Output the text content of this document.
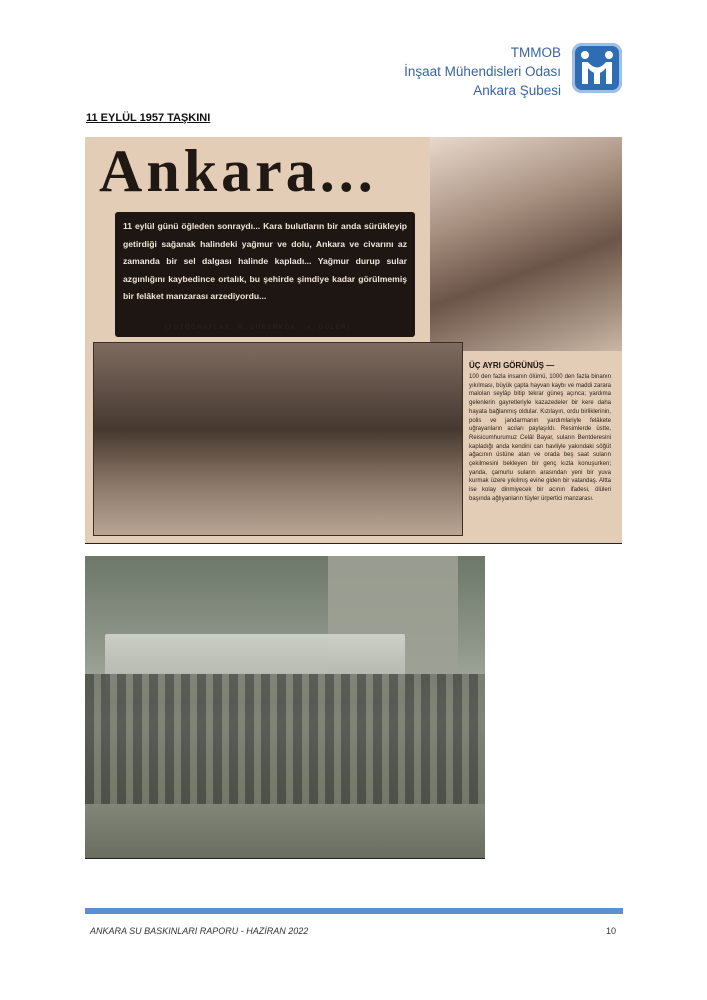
TMMOB
İnşaat Mühendisleri Odası
Ankara Şubesi
11 EYLÜL 1957 TAŞKINI
Ankara...
11 eylül günü öğleden sonraydı... Kara bulutların bir anda sürükleyip getirdiği sağanak halindeki yağmur ve dolu, Ankara ve civarını az zamanda bir sel dalgası halinde kapladı... Yağmur durup sular azgınlığını kaybedince ortalık, bu şehirde şimdiye kadar görülmemiş bir felâket manzarası arzediyordu...
(FOTOĞRAFLAR: M. SÜRENKÖK - A. GÜLER)
ÜÇ AYRI GÖRÜNÜŞ —
100 den fazla insanın ölümü, 1000 den fazla binanın yıkılması, büyük çapta hayvan kaybı ve maddi zarara malolan seylâp bitip tekrar güneş açınca; yardıma gelenlerin gayretleriyle kazazedeler bir kere daha hayata bağlanmış oldular. Kızılayın, ordu birliklerinin, polis ve jandarmanın yardımlariyle felâkete uğrayanların acıları paylaşıldı. Resimlerde üstte, Reisicumhurumuz Celâl Bayar, suların Bentderesini kapladığı anda kendini can havliyle yakındaki söğüt ağacının üstüne atan ve orada beş saat suların çekilmesini bekleyen bir genç kızla konuşurken; yanda, çamurlu suların arasından yeni bir yuva kurmak üzere yıkılmış evine giden bir vatandaş. Altta ise kolay dinmiyecek bir acının ifadesi, ölüleri başında ağlıyanların tüyler ürpertici manzarası.
ANKARA SU BASKINLARI RAPORU - HAZİRAN 2022	10
